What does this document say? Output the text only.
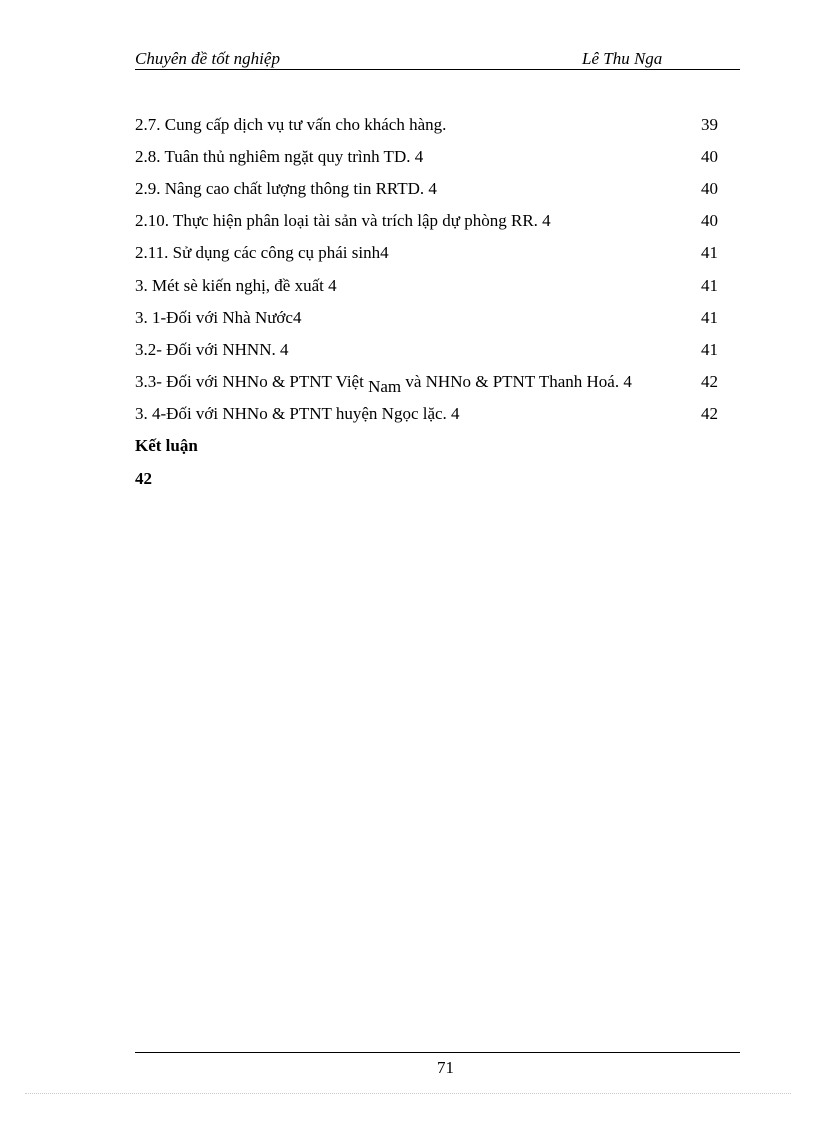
Chuyên đề tốt nghiệp	Lê Thu Nga
2.7. Cung cấp dịch vụ tư vấn cho khách hàng.	39
2.8. Tuân thủ nghiêm ngặt quy trình TD. 4	40
2.9. Nâng cao chất lượng thông tin RRTD. 4	40
2.10. Thực hiện phân loại tài sản và trích lập dự phòng RR. 4	40
2.11. Sử dụng các công cụ phái sinh4	41
3. Mét sè kiến nghị, đề xuất 4	41
3. 1-Đối với Nhà Nước4	41
3.2- Đối với NHNN. 4	41
3.3- Đối với NHNo & PTNT Việt Nam và NHNo & PTNT Thanh Hoá. 4	42
3. 4-Đối với NHNo & PTNT huyện Ngọc lặc. 4	42
Kết luận
42
71
